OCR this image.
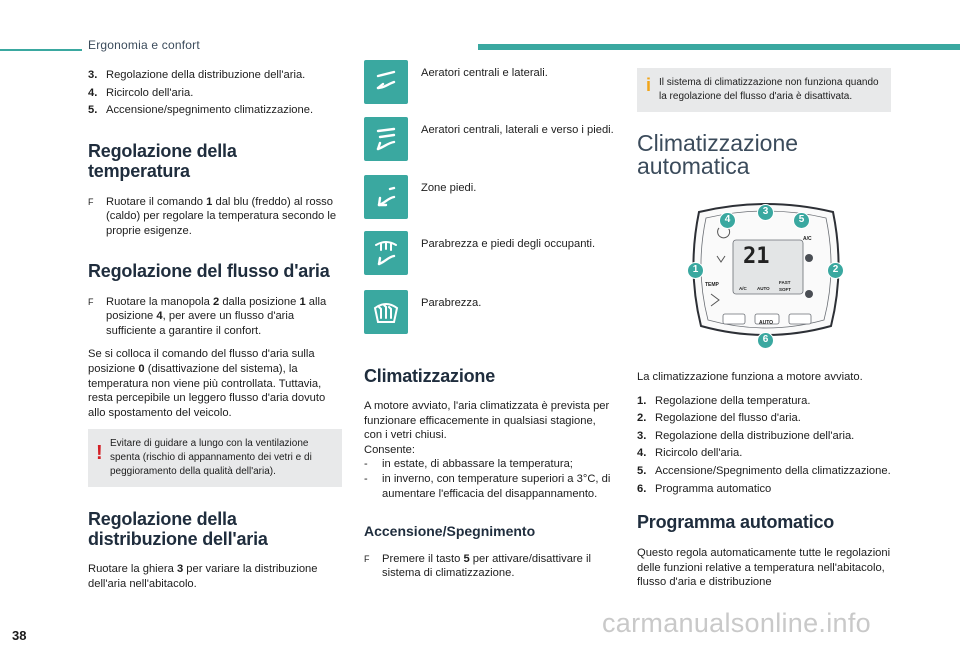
Ergonomia e confort
3. Regolazione della distribuzione dell'aria.
4. Ricircolo dell'aria.
5. Accensione/spegnimento climatizzazione.
Regolazione della temperatura
F	Ruotare il comando 1 dal blu (freddo) al rosso (caldo) per regolare la temperatura secondo le proprie esigenze.

Regolazione del flusso d'aria
F	Ruotare la manopola 2 dalla posizione 1 alla posizione 4, per avere un flusso d'aria sufficiente a garantire il confort.

Se si colloca il comando del flusso d'aria sulla posizione 0 (disattivazione del sistema), la temperatura non viene più controllata. Tuttavia, resta percepibile un leggero flusso d'aria dovuto allo spostamento del veicolo.

! Evitare di guidare a lungo con la ventilazione spenta (rischio di appannamento dei vetri e di peggioramento della qualità dell'aria).
Regolazione della
distribuzione dell'aria

Ruotare la ghiera 3 per variare la distribuzione dell'aria nell'abitacolo.

Aeratori centrali e laterali.
Aeratori centrali, laterali e verso i piedi.
Zone piedi.
Parabrezza e piedi degli occupanti.
Parabrezza.
Climatizzazione

A motore avviato, l'aria climatizzata è prevista per funzionare efficacemente in qualsiasi stagione, con i vetri chiusi.

Consente:

-	in estate, di abbassare la temperatura;
-	in inverno, con temperature superiori a 3°C, di aumentare l'efficacia del disappannamento.
Accensione/Spegnimento
F	Premere il tasto 5 per attivare/disattivare il sistema di climatizzazione.

i Il sistema di climatizzazione non funziona quando la regolazione del flusso d'aria è disattivata.
Climatizzazione
automatica
21
TEMP
A/C
A/C AUTO
FAST
SOFT
AUTO
1	2
3
4	5
6

La climatizzazione funziona a motore avviato.

1. Regolazione della temperatura.
2. Regolazione del flusso d'aria.
3. Regolazione della distribuzione dell'aria.
4. Ricircolo dell'aria.
5. Accensione/Spegnimento della climatizzazione.
6. Programma automatico
Programma automatico

Questo regola automaticamente tutte le regolazioni delle funzioni relative a temperatura nell'abitacolo, flusso d'aria e distribuzione

38	carmanualsonline.info
